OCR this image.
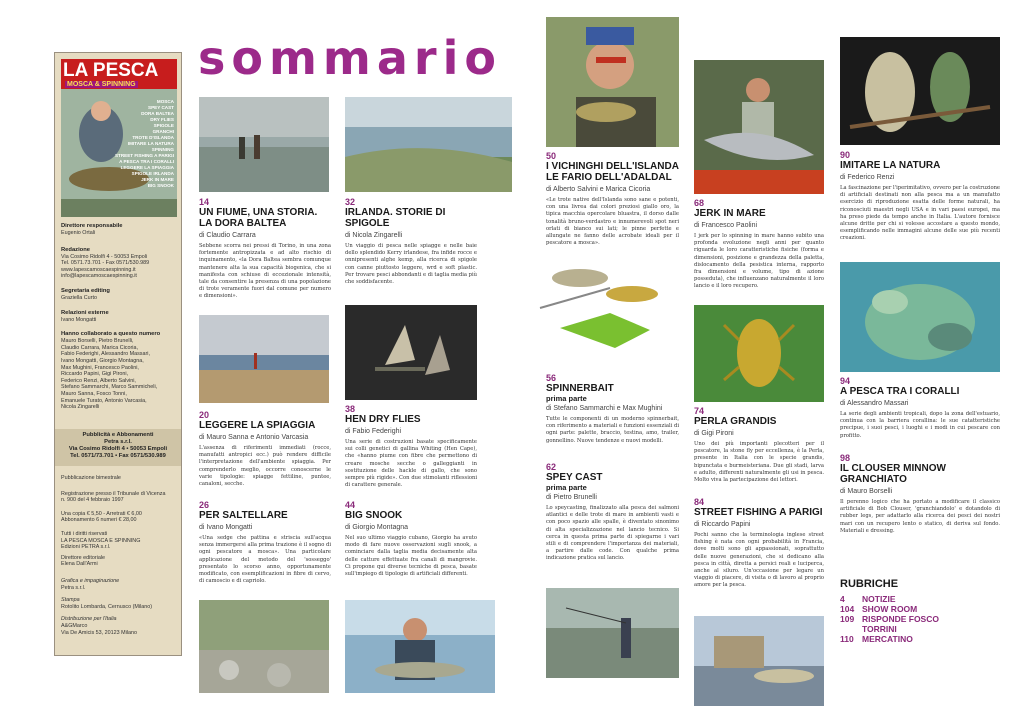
sommario
LA PESCA
MOSCA & SPINNING
MOSCA
SPEY CAST
DORA BALTEA
DRY FLIES
SPIGOLE
GRANCHI
TROTE D'ISLANDA
IMITARE LA NATURA
SPINNING
STREET FISHING A PARIGI
A PESCA TRA I CORALLI
LEGGERE LA SPIAGGIA
SPIGOLE IRLANDA
JERK IN MARE
BIG SNOOK
Direttore responsabile
Eugenio Ortali
Redazione
Via Cosimo Ridolfi 4 - 50053 Empoli
Tel. 0571.73.701 - Fax 0571/530.989
www.lapescamoscaespinning.it
info@lapescamoscaespinning.it
Segretaria editing
Graziella Curto
Relazioni esterne
Ivano Mongatti
Hanno collaborato a questo numero
Mauro Borselli, Pietro Brunelli,
Claudio Carrara, Marica Cicoria,
Fabio Federighi, Alessandro Massari,
Ivano Mongatti, Giorgio Montagna,
Max Mughini, Francesco Paolini,
Riccardo Papini, Gigi Pironi,
Federico Renzi, Alberto Salvini,
Stefano Sammarchi, Marco Sammicheli,
Mauro Sanna, Fosco Tonni,
Emanuele Turato, Antonio Varcasia,
Nicola Zingarelli
Pubblicità e Abbonamenti
Petra s.r.l.
Via Cosimo Ridolfi 4 • 50053 Empoli
Tel. 0571/73.701 • Fax 0571/530.989
Pubblicazione bimestrale
Registrazione presso il Tribunale di Vicenza
n. 900 del 4 febbraio 1997
Una copia € 5,50 - Arretrati € 6,00
Abbonamento 6 numeri € 28,00
Tutti i diritti riservati
LA PESCA MOSCA E SPINNING
Edizioni PETRA s.r.l.
Direttore editoriale
Elena Dall'Armi
Grafica e impaginazione
Petra s.r.l.
Stampa
Rotolito Lombarda, Cernusco (Milano)
Distribuzione per l'Italia
A&GMarco
Via De Amicis 53, 20123 Milano
14
UN FIUME, UNA STORIA. LA DORA BALTEA
di Claudio Carrara
Sebbene scorra nei pressi di Torino, in una zona fortemente antropizzata e ad alto rischio di inquinamento, «la Dora Baltea sembra comunque mantenere alta la sua capacità biogenica, che si manifesta con schiuse di eccezionale intensità, tale da consentire la presenza di una popolazione di trote veramente fuori dal comune per numero e dimensioni».
20
LEGGERE LA SPIAGGIA
di Mauro Sanna e Antonio Varcasia
L'assenza di riferimenti immediati (rocce, manufatti antropici ecc.) può rendere difficile l'interpretazione dell'ambiente spiaggia. Per comprenderlo meglio, occorre conoscerne le varie tipologie: spiagge fettiline, puntee, canaloni, secche.
26
PER SALTELLARE
di Ivano Mongatti
«Una sedge che pattina e striscia sull'acqua senza immergersi alla prima trazione è il sogno di ogni pescatore a mosca». Una particolare applicazione del metodo del 'sosseggo' presentato lo scorso anno, opportunamente modificato, con esemplificazioni in fibre di cervo, di camoscio e di capriolo.
32
IRLANDA. STORIE DI SPIGOLE
di Nicola Zingarelli
Un viaggio di pesca nelle spiagge e nelle baie dello splendido Kerry irlandese, fra infide rocce e onnipresenti alghe kemp, alla ricerca di spigole con canne piuttosto leggere, wrd e soft plastic. Per trovare pesci abbondanti e di taglia media più che soddisfacente.
38
HEN DRY FLIES
di Fabio Federighi
Una serie di costruzioni basate specificamente sui colli genetici di gallina Whiting (Hen Cape), che «hanno piume con fibre che permettono di creare mosche secche o galleggianti in sostituzione delle hackle di gallo, che sono sempre più rigide». Con due stimolanti riflessioni di carattere generale.
44
BIG SNOOK
di Giorgio Montagna
Nel suo ultimo viaggio cubano, Giorgio ha avuto modo di fare nuove osservazioni sugli snook, a cominciare dalla taglia media decisamente alta delle catture effettuate fra canali di mangrovie. Ci propone qui diverse tecniche di pesca, basate sull'impiego di tipologie di artificiali differenti.
50
I VICHINGHI DELL'ISLANDA LE FARIO DELL'ADALDAL
di Alberto Salvini e Marica Cicoria
«Le trote native dell'Islanda sono sane e potenti, con una livrea dai colori preziosi giallo oro, la tipica macchia opercolare bluastra, il dorso dalle tonalità bruno-verdastro e innumerevoli spot neri orlati di bianco sui lati; le pinne perfette e allungate ne fanno delle acrobate ideali per il pescatore a mosca».
56
SPINNERBAIT
prima parte
di Stefano Sammarchi e Max Mughini
Tutte le componenti di un moderno spinnerbait, con riferimento a materiali e funzioni essenziali di ogni parte: palette, braccio, testina, amo, trailer, gonnellino. Nuove tendenze e nuovi modelli.
62
SPEY CAST
prima parte
di Pietro Brunelli
Lo speycasting, finalizzato alla pesca dei salmoni atlantici e delle trote di mare in ambienti vasti e con poco spazio alle spalle, è diventato sinonimo di alta specializzazione nel lancio tecnico. Si cerca in questa prima parte di spiegarne i vari stili e di comprendere l'importanza dei materiali, a partire dalle code. Con qualche prima indicazione pratica sul lancio.
68
JERK IN MARE
di Francesco Paolini
I jerk per lo spinning in mare hanno subito una profonda evoluzione negli anni per quanto riguarda le loro caratteristiche fisiche (forma e dimensioni, posizione e grandezza della paletta, dislocamento della pesistica interna, rapporto fra dimensioni e volume, tipo di azione posseduta), che influenzano naturalmente il loro lancio e il loro recupero.
74
PERLA GRANDIS
di Gigi Pironi
Uno dei più importanti plecotteri per il pescatore, la stone fly per eccellenza, è la Perla, presente in Italia con le specie grandis, bipunctata e burmeisteriana. Due gli stadi, larva e adulto, differenti naturalmente gli usi in pesca. Molto viva la partecipazione dei lettori.
84
STREET FISHING A PARIGI
di Riccardo Papini
Pochi sanno che la terminologia inglese street fishing è nata con ogni probabilità in Francia, dove molti sono gli appassionati, soprattutto delle nuove generazioni, che si dedicano alla pesca in città, diretta a persici reali e lucipercа, anche al siluro. Un'occasione per legare un viaggio di piacere, di visita o di lavoro al proprio amore per la pesca.
90
IMITARE LA NATURA
di Federico Renzi
La fascinazione per l'iperimitativo, ovvero per la costruzione di artificiali destinati non alla pesca ma a un manufatto esercizio di riproduzione esatta delle forme naturali, ha riconosciuti maestri negli USA e in vari paesi europei, ma ha preso piede da tempo anche in Italia. L'autore fornisce alcune dritte per chi si volesse accostare a questo mondo, esemplificando nelle immagini alcune delle sue più recenti creazioni.
94
A PESCA TRA I CORALLI
di Alessandro Massari
La serie degli ambienti tropicali, dopo la zona dell'estuario, continua con la barriera corallina: le sue catatteristiche precipue, i suoi pesci, i luoghi e i modi in cui pescare con profitto.
98
IL CLOUSER MINNOW GRANCHIATO
di Mauro Borselli
Il perenno logico che ha portato a modificare il classico artificiale di Bob Clouser, 'granchiandolo' e dotandolo di rubber legs, per adattarlo alla ricerca dei pesci dei nostri mari con un recupero lento o statico, di deriva sul fondo. Materiali e dressing.
RUBRICHE
4	NOTIZIE
104 SHOW ROOM
109 RISPONDE FOSCO TORRINI
110 MERCATINO
